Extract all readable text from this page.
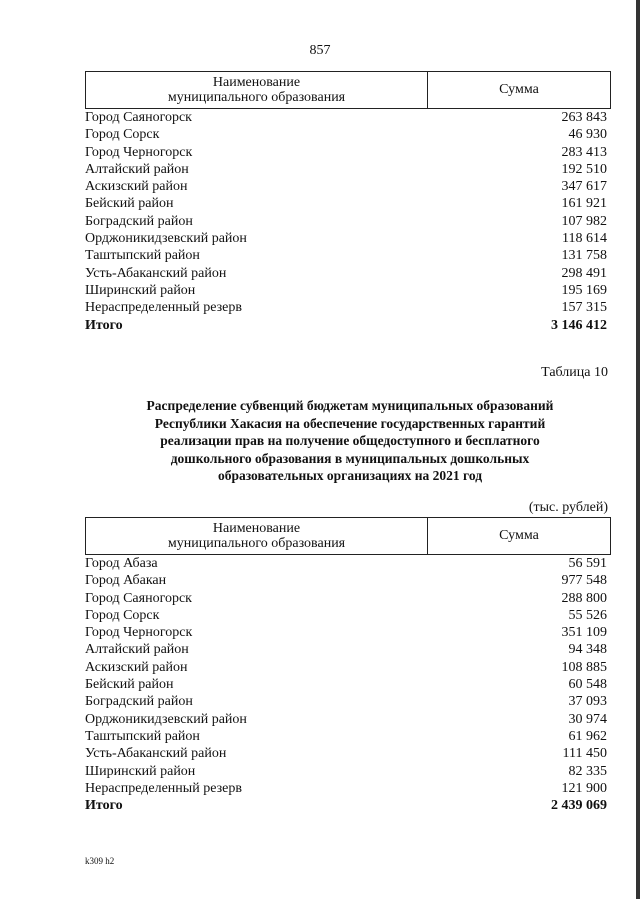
857
Наименование
муниципального образования
Сумма
Город Саяногорск	263 843
Город Сорск	46 930
Город Черногорск	283 413
Алтайский район	192 510
Аскизский район	347 617
Бейский район	161 921
Боградский район	107 982
Орджоникидзевский район	118 614
Таштыпский район	131 758
Усть-Абаканский район	298 491
Ширинский район	195 169
Нераспределенный резерв	157 315
Итого	3 146 412
Таблица 10
Распределение субвенций бюджетам муниципальных образований
Республики Хакасия на обеспечение государственных гарантий
реализации прав на получение общедоступного и бесплатного
дошкольного образования в муниципальных дошкольных
образовательных организациях на 2021 год
(тыс. рублей)
Наименование
муниципального образования
Сумма
Город Абаза	56 591
Город Абакан	977 548
Город Саяногорск	288 800
Город Сорск	55 526
Город Черногорск	351 109
Алтайский район	94 348
Аскизский район	108 885
Бейский район	60 548
Боградский район	37 093
Орджоникидзевский район	30 974
Таштыпский район	61 962
Усть-Абаканский район	111 450
Ширинский район	82 335
Нераспределенный резерв	121 900
Итого	2 439 069
k309 h2
